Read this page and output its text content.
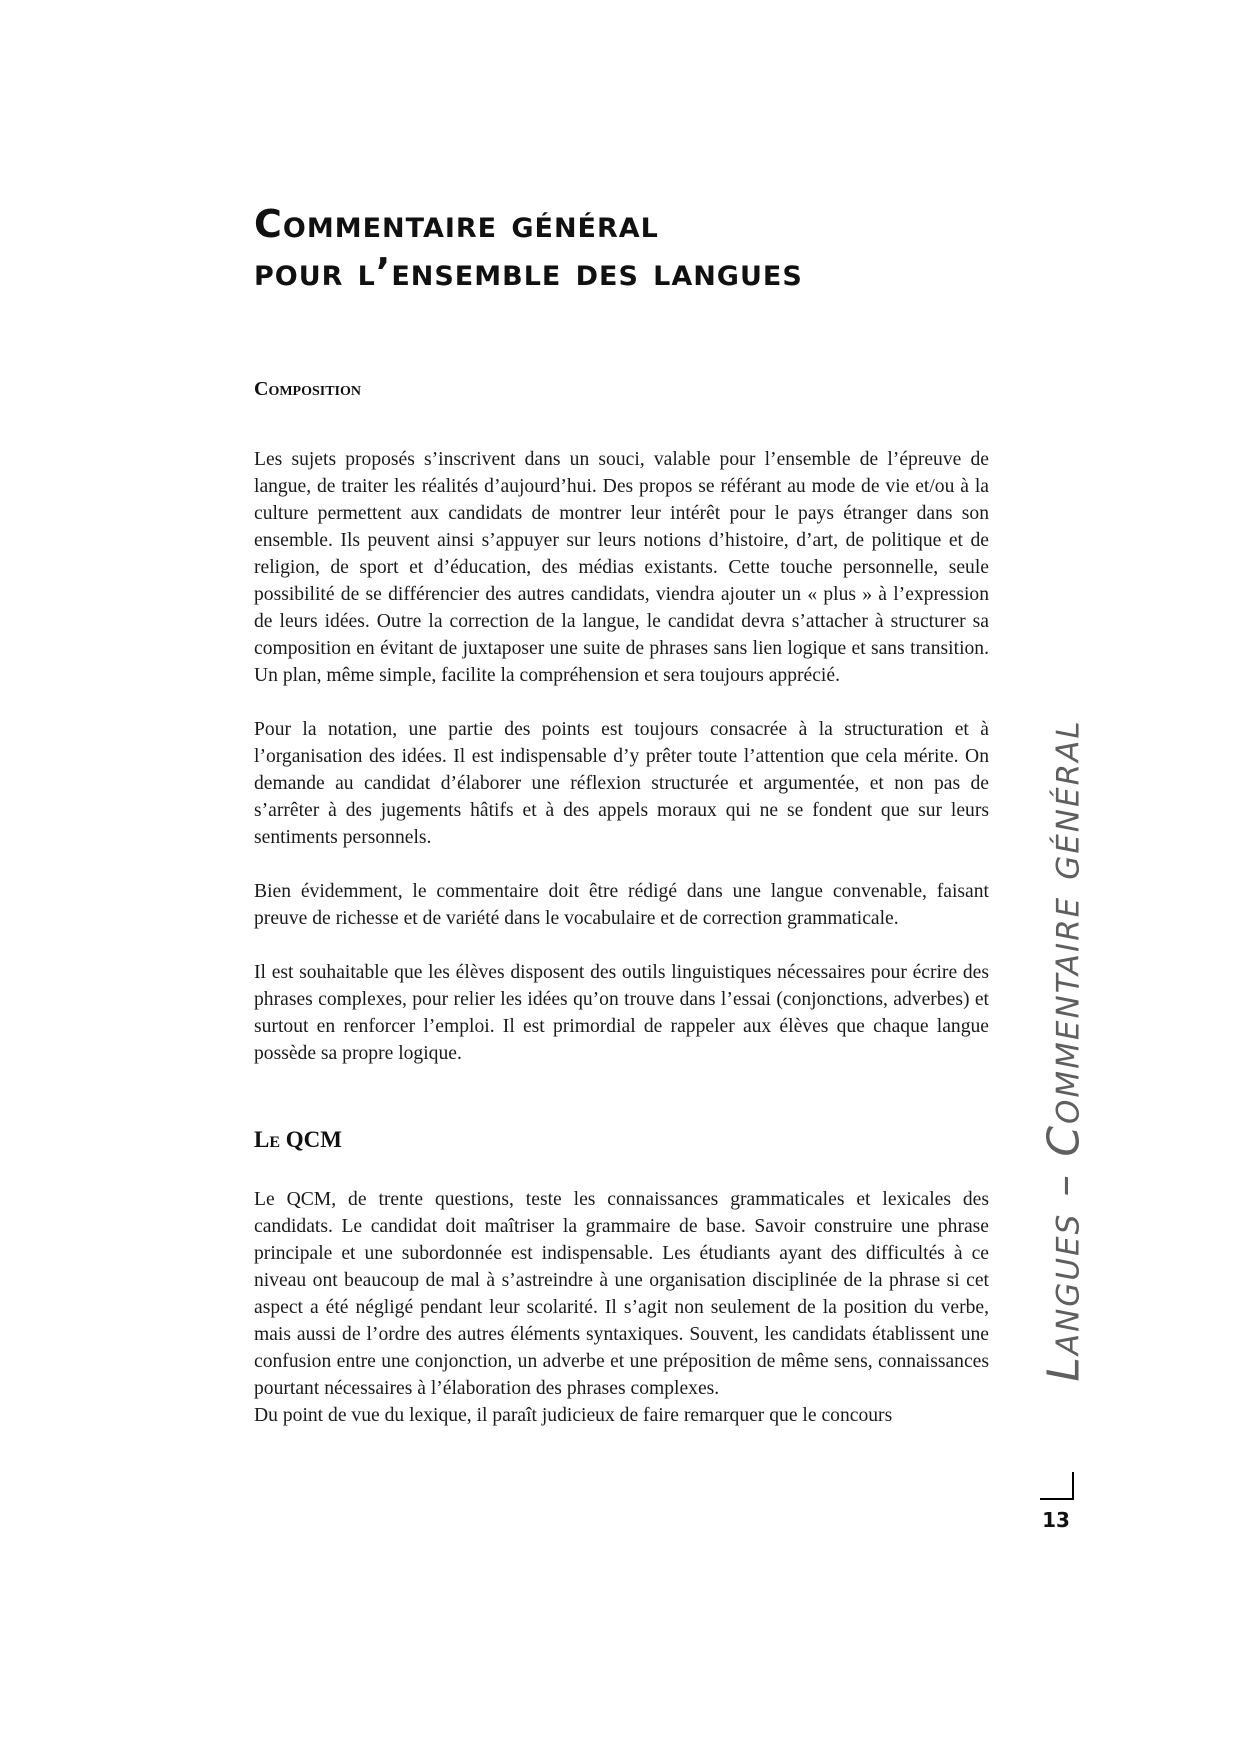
Commentaire général
pour l’ensemble des langues
Composition

Les sujets proposés s’inscrivent dans un souci, valable pour l’ensemble de l’épreuve de langue, de traiter les réalités d’aujourd’hui. Des propos se référant au mode de vie et/ou à la culture permettent aux candidats de montrer leur intérêt pour le pays étranger dans son ensemble. Ils peuvent ainsi s’appuyer sur leurs notions d’histoire, d’art, de politique et de religion, de sport et d’éducation, des médias existants. Cette touche personnelle, seule possibilité de se différencier des autres candidats, viendra ajouter un « plus » à l’expression de leurs idées. Outre la correction de la langue, le candidat devra s’attacher à structurer sa composition en évitant de juxtaposer une suite de phrases sans lien logique et sans transition. Un plan, même simple, facilite la compréhension et sera toujours apprécié.

Pour la notation, une partie des points est toujours consacrée à la structuration et à l’organisation des idées. Il est indispensable d’y prêter toute l’attention que cela mérite. On demande au candidat d’élaborer une réflexion structurée et argumentée, et non pas de s’arrêter à des jugements hâtifs et à des appels moraux qui ne se fondent que sur leurs sentiments personnels.

Bien évidemment, le commentaire doit être rédigé dans une langue convenable, faisant preuve de richesse et de variété dans le vocabulaire et de correction grammaticale.

Il est souhaitable que les élèves disposent des outils linguistiques nécessaires pour écrire des phrases complexes, pour relier les idées qu’on trouve dans l’essai (conjonctions, adverbes) et surtout en renforcer l’emploi. Il est primordial de rappeler aux élèves que chaque langue possède sa propre logique.

Le QCM

Le QCM, de trente questions, teste les connaissances grammaticales et lexicales des candidats. Le candidat doit maîtriser la grammaire de base. Savoir construire une phrase principale et une subordonnée est indispensable. Les étudiants ayant des difficultés à ce niveau ont beaucoup de mal à s’astreindre à une organisation disciplinée de la phrase si cet aspect a été négligé pendant leur scolarité. Il s’agit non seulement de la position du verbe, mais aussi de l’ordre des autres éléments syntaxiques. Souvent, les candidats établissent une confusion entre une conjonction, un adverbe et une préposition de même sens, connaissances pourtant nécessaires à l’élaboration des phrases complexes.

Du point de vue du lexique, il paraît judicieux de faire remarquer que le concours

Langues – Commentaire général
13
